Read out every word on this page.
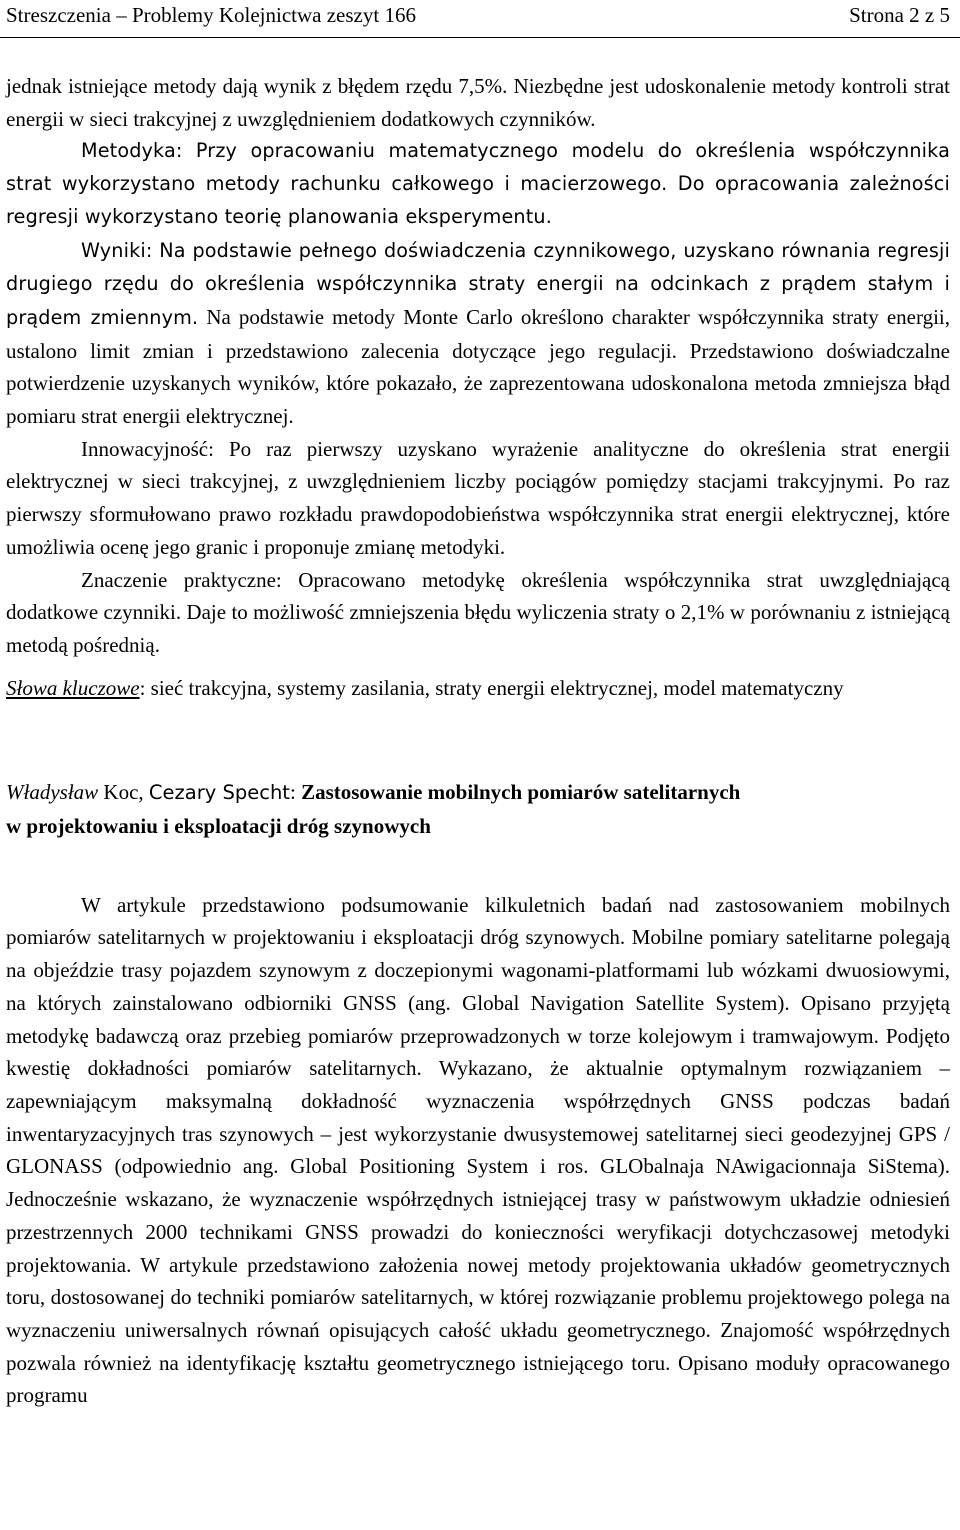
Streszczenia – Problemy Kolejnictwa zeszyt 166	Strona 2 z 5

jednak istniejące metody dają wynik z błędem rzędu 7,5%. Niezbędne jest udoskonalenie metody kontroli strat energii w sieci trakcyjnej z uwzględnieniem dodatkowych czynników.

Metodyka: Przy opracowaniu matematycznego modelu do określenia współczynnika strat wykorzystano metody rachunku całkowego i macierzowego. Do opracowania zależności regresji wykorzystano teorię planowania eksperymentu.

Wyniki: Na podstawie pełnego doświadczenia czynnikowego, uzyskano równania regresji drugiego rzędu do określenia współczynnika straty energii na odcinkach z prądem stałym i prądem zmiennym. Na podstawie metody Monte Carlo określono charakter współczynnika straty energii, ustalono limit zmian i przedstawiono zalecenia dotyczące jego regulacji. Przedstawiono doświadczalne potwierdzenie uzyskanych wyników, które pokazało, że zaprezentowana udoskonalona metoda zmniejsza błąd pomiaru strat energii elektrycznej.

Innowacyjność: Po raz pierwszy uzyskano wyrażenie analityczne do określenia strat energii elektrycznej w sieci trakcyjnej, z uwzględnieniem liczby pociągów pomiędzy stacjami trakcyjnymi. Po raz pierwszy sformułowano prawo rozkładu prawdopodobieństwa współczynnika strat energii elektrycznej, które umożliwia ocenę jego granic i proponuje zmianę metodyki.

Znaczenie praktyczne: Opracowano metodykę określenia współczynnika strat uwzględniającą dodatkowe czynniki. Daje to możliwość zmniejszenia błędu wyliczenia straty o 2,1% w porównaniu z istniejącą metodą pośrednią.

Słowa kluczowe: sieć trakcyjna, systemy zasilania, straty energii elektrycznej, model matematyczny

Władysław Koc, Cezary Specht: Zastosowanie mobilnych pomiarów satelitarnych
w projektowaniu i eksploatacji dróg szynowych

W artykule przedstawiono podsumowanie kilkuletnich badań nad zastosowaniem mobilnych pomiarów satelitarnych w projektowaniu i eksploatacji dróg szynowych. Mobilne pomiary satelitarne polegają na objeździe trasy pojazdem szynowym z doczepionymi wagonami-platformami lub wózkami dwuosiowymi, na których zainstalowano odbiorniki GNSS (ang. Global Navigation Satellite System). Opisano przyjętą metodykę badawczą oraz przebieg pomiarów przeprowadzonych w torze kolejowym i tramwajowym. Podjęto kwestię dokładności pomiarów satelitarnych. Wykazano, że aktualnie optymalnym rozwiązaniem – zapewniającym maksymalną dokładność wyznaczenia współrzędnych GNSS podczas badań inwentaryzacyjnych tras szynowych – jest wykorzystanie dwusystemowej satelitarnej sieci geodezyjnej GPS / GLONASS (odpowiednio ang. Global Positioning System i ros. GLObalnaja NAwigacionnaja SiStema). Jednocześnie wskazano, że wyznaczenie współrzędnych istniejącej trasy w państwowym układzie odniesień przestrzennych 2000 technikami GNSS prowadzi do konieczności weryfikacji dotychczasowej metodyki projektowania. W artykule przedstawiono założenia nowej metody projektowania układów geometrycznych toru, dostosowanej do techniki pomiarów satelitarnych, w której rozwiązanie problemu projektowego polega na wyznaczeniu uniwersalnych równań opisujących całość układu geometrycznego. Znajomość współrzędnych pozwala również na identyfikację kształtu geometrycznego istniejącego toru. Opisano moduły opracowanego programu
